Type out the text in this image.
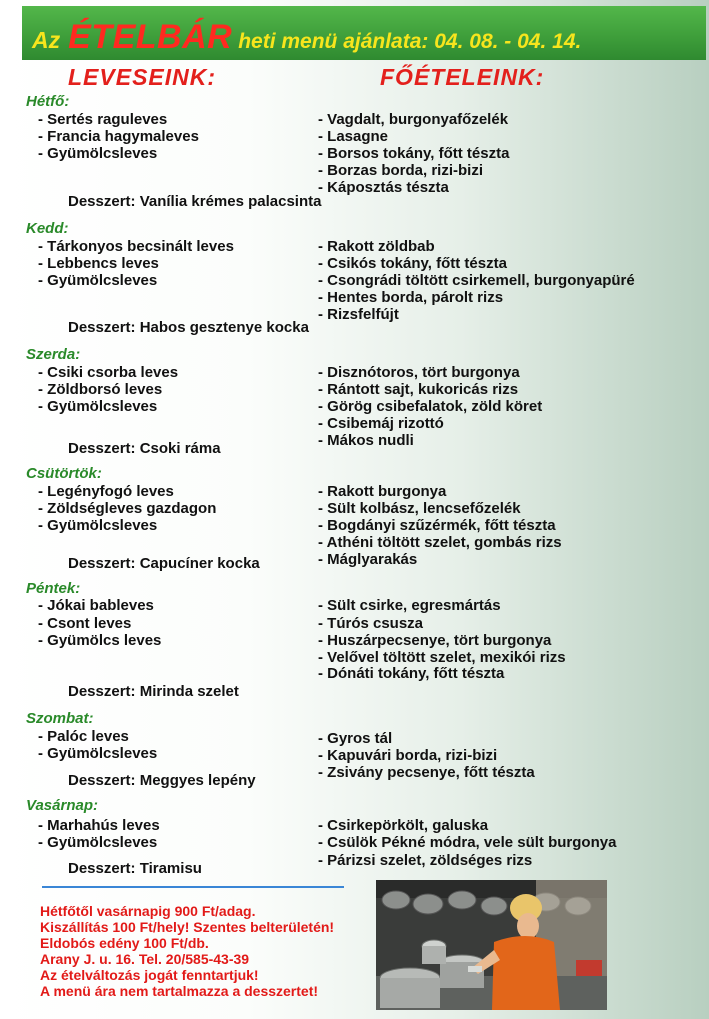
Az ÉTELBÁR heti menü ajánlata: 04. 08. - 04. 14.
LEVESEINK:	FŐÉTELEINK:
Hétfő:
- Sertés raguleves
- Francia hagymaleves
- Gyümölcsleves
- Vagdalt, burgonyafőzelék
- Lasagne
- Borsos tokány, főtt tészta
- Borzas borda, rizi-bizi
- Káposztás tészta
Desszert: Vanília krémes palacsinta
Kedd:
- Tárkonyos becsinált leves
- Lebbencs leves
- Gyümölcsleves
- Rakott zöldbab
- Csikós tokány, főtt tészta
- Csongrádi töltött csirkemell, burgonyapüré
- Hentes borda, párolt rizs
- Rizsfelfújt
Desszert: Habos gesztenye kocka
Szerda:
- Csiki csorba leves
- Zöldborsó leves
- Gyümölcsleves
- Disznótoros, tört burgonya
- Rántott sajt, kukoricás rizs
- Görög csibefalatok, zöld köret
- Csibemáj rizottó
- Mákos nudli
Desszert: Csoki ráma
Csütörtök:
- Legényfogó leves
- Zöldségleves gazdagon
- Gyümölcsleves
- Rakott burgonya
- Sült kolbász, lencsefőzelék
- Bogdányi szűzérmék, főtt tészta
- Athéni töltött szelet, gombás rizs
- Máglyarakás
Desszert: Capucíner kocka
Péntek:
- Jókai bableves
- Csont leves
- Gyümölcs leves
- Sült csirke, egresmártás
- Túrós csusza
- Huszárpecsenye, tört burgonya
- Velővel töltött szelet, mexikói rizs
- Dónáti tokány, főtt tészta
Desszert: Mirinda szelet
Szombat:
- Palóc leves
- Gyümölcsleves
- Gyros tál
- Kapuvári borda, rizi-bizi
- Zsivány pecsenye, főtt tészta
Desszert: Meggyes lepény
Vasárnap:
- Marhahús leves
- Gyümölcsleves
- Csirkepörkölt, galuska
- Csülök Pékné módra, vele sült burgonya
- Párizsi szelet, zöldséges rizs
Desszert: Tiramisu
Hétfőtől vasárnapig 900 Ft/adag.
Kiszállítás 100 Ft/hely! Szentes belterületén!
Eldobós edény 100 Ft/db.
Arany J. u. 16. Tel. 20/585-43-39
Az ételváltozás jogát fenntartjuk!
A menü ára nem tartalmazza a desszertet!
